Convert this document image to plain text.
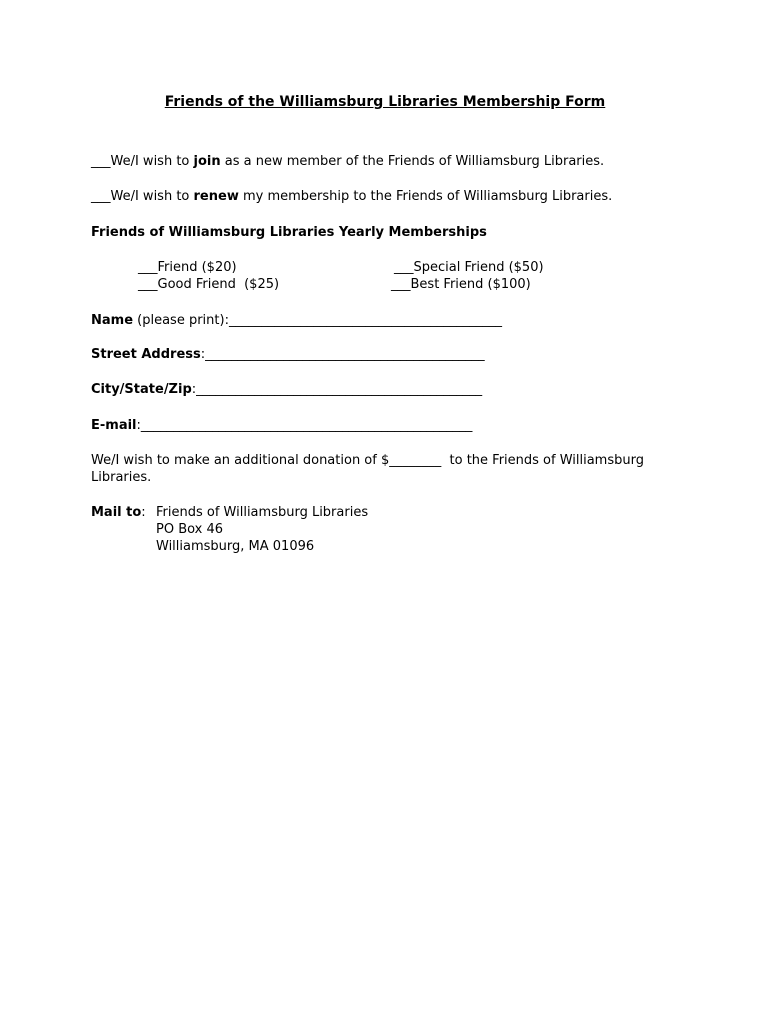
Friends of the Williamsburg Libraries Membership Form
___We/I wish to join as a new member of the Friends of Williamsburg Libraries.
___We/I wish to renew my membership to the Friends of Williamsburg Libraries.
Friends of Williamsburg Libraries Yearly Memberships
___Friend ($20)
___Good Friend  ($25)
___Special Friend ($50)
___Best Friend ($100)
Name (please print):__________________________________________
Street Address:___________________________________________
City/State/Zip:____________________________________________
E-mail:___________________________________________________
We/I wish to make an additional donation of $________  to the Friends of Williamsburg
Libraries.
Mail to: Friends of Williamsburg Libraries
PO Box 46
Williamsburg, MA 01096
